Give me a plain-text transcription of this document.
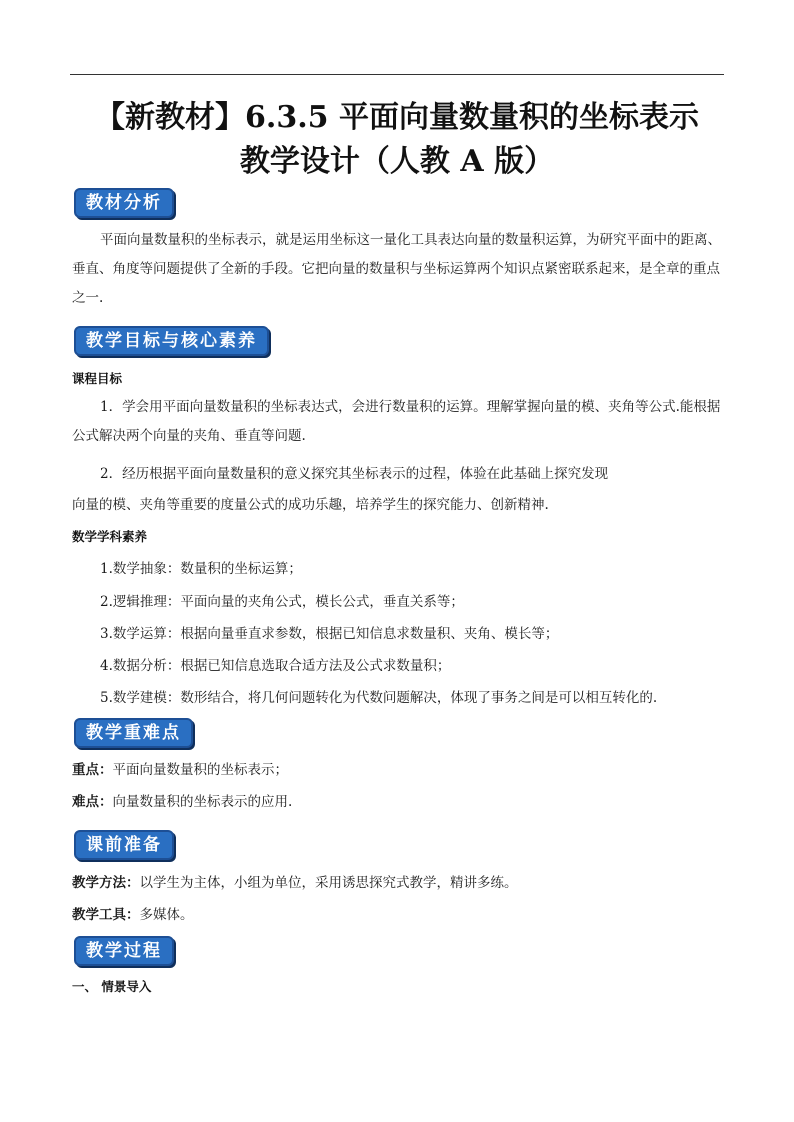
【新教材】6.3.5 平面向量数量积的坐标表示
教学设计（人教 A 版）
教材分析
平面向量数量积的坐标表示，就是运用坐标这一量化工具表达向量的数量积运算，为研究平面中的距离、垂直、角度等问题提供了全新的手段。它把向量的数量积与坐标运算两个知识点紧密联系起来，是全章的重点之一.
教学目标与核心素养
课程目标
1．学会用平面向量数量积的坐标表达式，会进行数量积的运算。理解掌握向量的模、夹角等公式.能根据公式解决两个向量的夹角、垂直等问题.
2．经历根据平面向量数量积的意义探究其坐标表示的过程，体验在此基础上探究发现
向量的模、夹角等重要的度量公式的成功乐趣，培养学生的探究能力、创新精神.
数学学科素养
1.数学抽象：数量积的坐标运算；
2.逻辑推理：平面向量的夹角公式，模长公式，垂直关系等；
3.数学运算：根据向量垂直求参数，根据已知信息求数量积、夹角、模长等；
4.数据分析：根据已知信息选取合适方法及公式求数量积；
5.数学建模：数形结合，将几何问题转化为代数问题解决，体现了事务之间是可以相互转化的.
教学重难点
重点：平面向量数量积的坐标表示；
难点：向量数量积的坐标表示的应用.
课前准备
教学方法：以学生为主体，小组为单位，采用诱思探究式教学，精讲多练。
教学工具：多媒体。
教学过程
一、 情景导入
